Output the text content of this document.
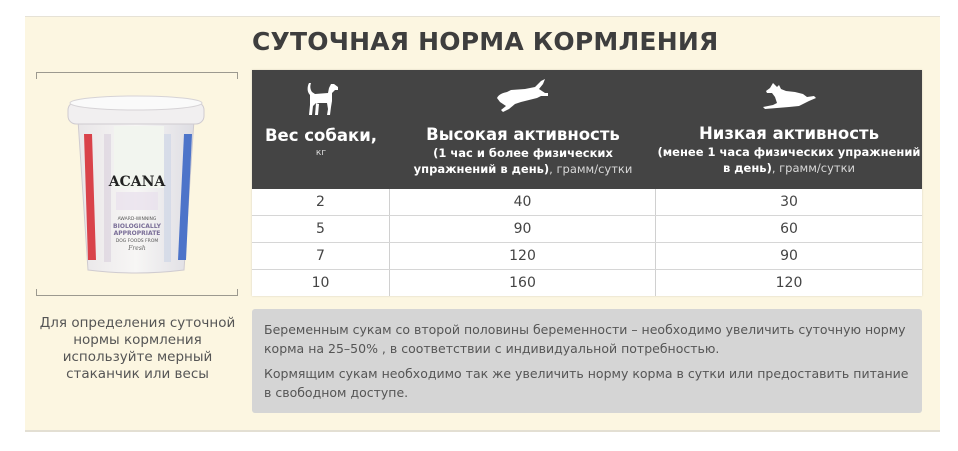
СУТОЧНАЯ НОРМА КОРМЛЕНИЯ
ACANA
AWARD-WINNING
BIOLOGICALLY
APPROPRIATE
DOG FOODS FROM
Fresh
Для определения суточной нормы кормления используйте мерный стаканчик или весы
Вес собаки,
кг
Высокая активность
(1 час и более физических упражнений в день), грамм/сутки
Низкая активность
(менее 1 часа физических упражнений в день), грамм/сутки
2	40	30
5	90	60
7	120	90
10	160	120

Беременным сукам со второй половины беременности – необходимо увеличить суточную норму корма на 25–50% , в соответствии с индивидуальной потребностью.

Кормящим сукам необходимо так же увеличить норму корма в сутки или предоставить питание в свободном доступе.
